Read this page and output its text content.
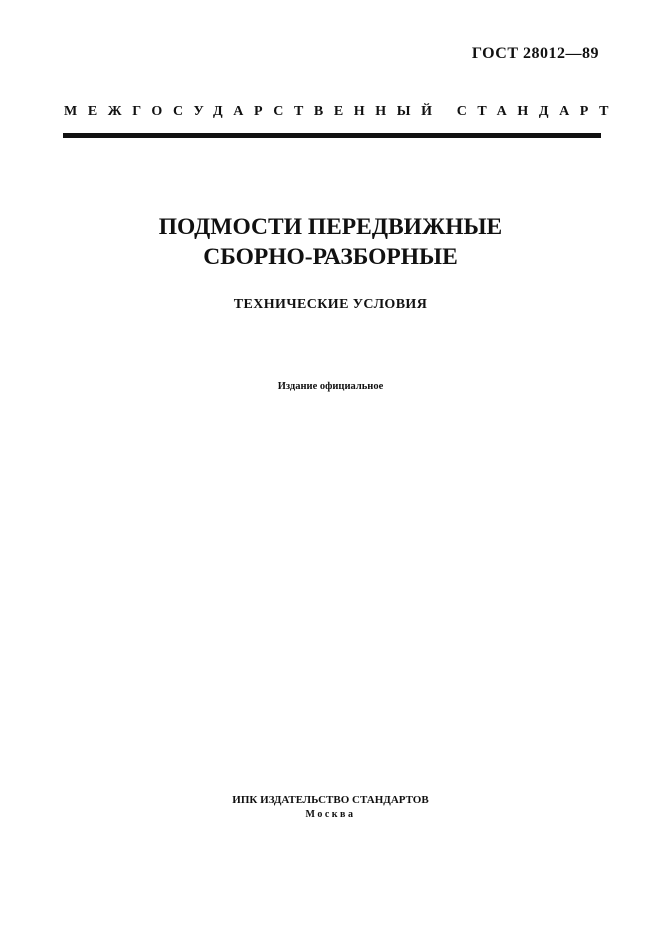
ГОСТ 28012—89
МЕЖГОСУДАРСТВЕННЫЙ СТАНДАРТ
ПОДМОСТИ ПЕРЕДВИЖНЫЕ
СБОРНО-РАЗБОРНЫЕ
ТЕХНИЧЕСКИЕ УСЛОВИЯ
Издание официальное
ИПК ИЗДАТЕЛЬСТВО СТАНДАРТОВ
Москва
